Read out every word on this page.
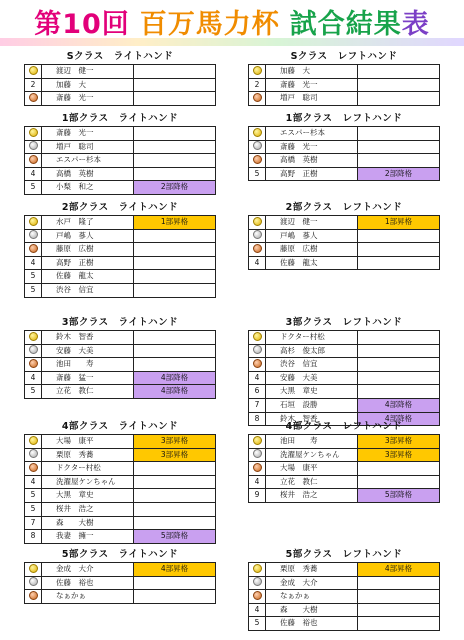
第10回 百万馬力杯 試合結果 表
Sクラス　ライトハンド
渡辺　健一
2	加藤　大
斎藤　光一
1部クラス　ライトハンド
斎藤　光一
増戸　聡司
エスパー杉本
4	高橋　英樹
5	小梨　和之	2部降格
2部クラス　ライトハンド
水戸　隆了	1部昇格
戸嶋　蔘人
藤原　広樹
4	高野　正樹
5	佐藤　龍太
5	渋谷　信宜
3部クラス　ライトハンド
鈴木　智香
安藤　大美
池田　　寿
4	斎藤　猛一	4部降格
5	立花　教仁	4部降格
4部クラス　ライトハンド
大場　康平	3部昇格
栗原　秀蕎	3部昇格
ドクター村松
4	洗濯屋ケンちゃん
5	大黒　章史
5	桜井　浩之
7	森　　大樹
8	我妻　擁一	5部降格
5部クラス　ライトハンド
金成　大介	4部昇格
佐藤　裕也
なぁかぁ
Sクラス　レフトハンド
加藤　大
2	斎藤　光一
増戸　聡司
1部クラス　レフトハンド
エスパー杉本
斎藤　光一
高橋　英樹
5	高野　正樹	2部降格
2部クラス　レフトハンド
渡辺　健一	1部昇格
戸嶋　蔘人
藤原　広樹
4	佐藤　龍太
3部クラス　レフトハンド
ドクター村松
高杉　俊太郎
渋谷　信宜
4	安藤　大美
6	大黒　章史
7	石垣　設勝	4部降格
8	鈴木　智香	4部降格
4部クラス　レフトハンド
池田　　寿	3部昇格
洗濯屋ケンちゃん	3部昇格
大場　康平
4	立花　教仁
9	桜井　浩之	5部降格
5部クラス　レフトハンド
栗原　秀蕎	4部昇格
金成　大介
なぁかぁ
4	森　　大樹
5	佐藤　裕也
